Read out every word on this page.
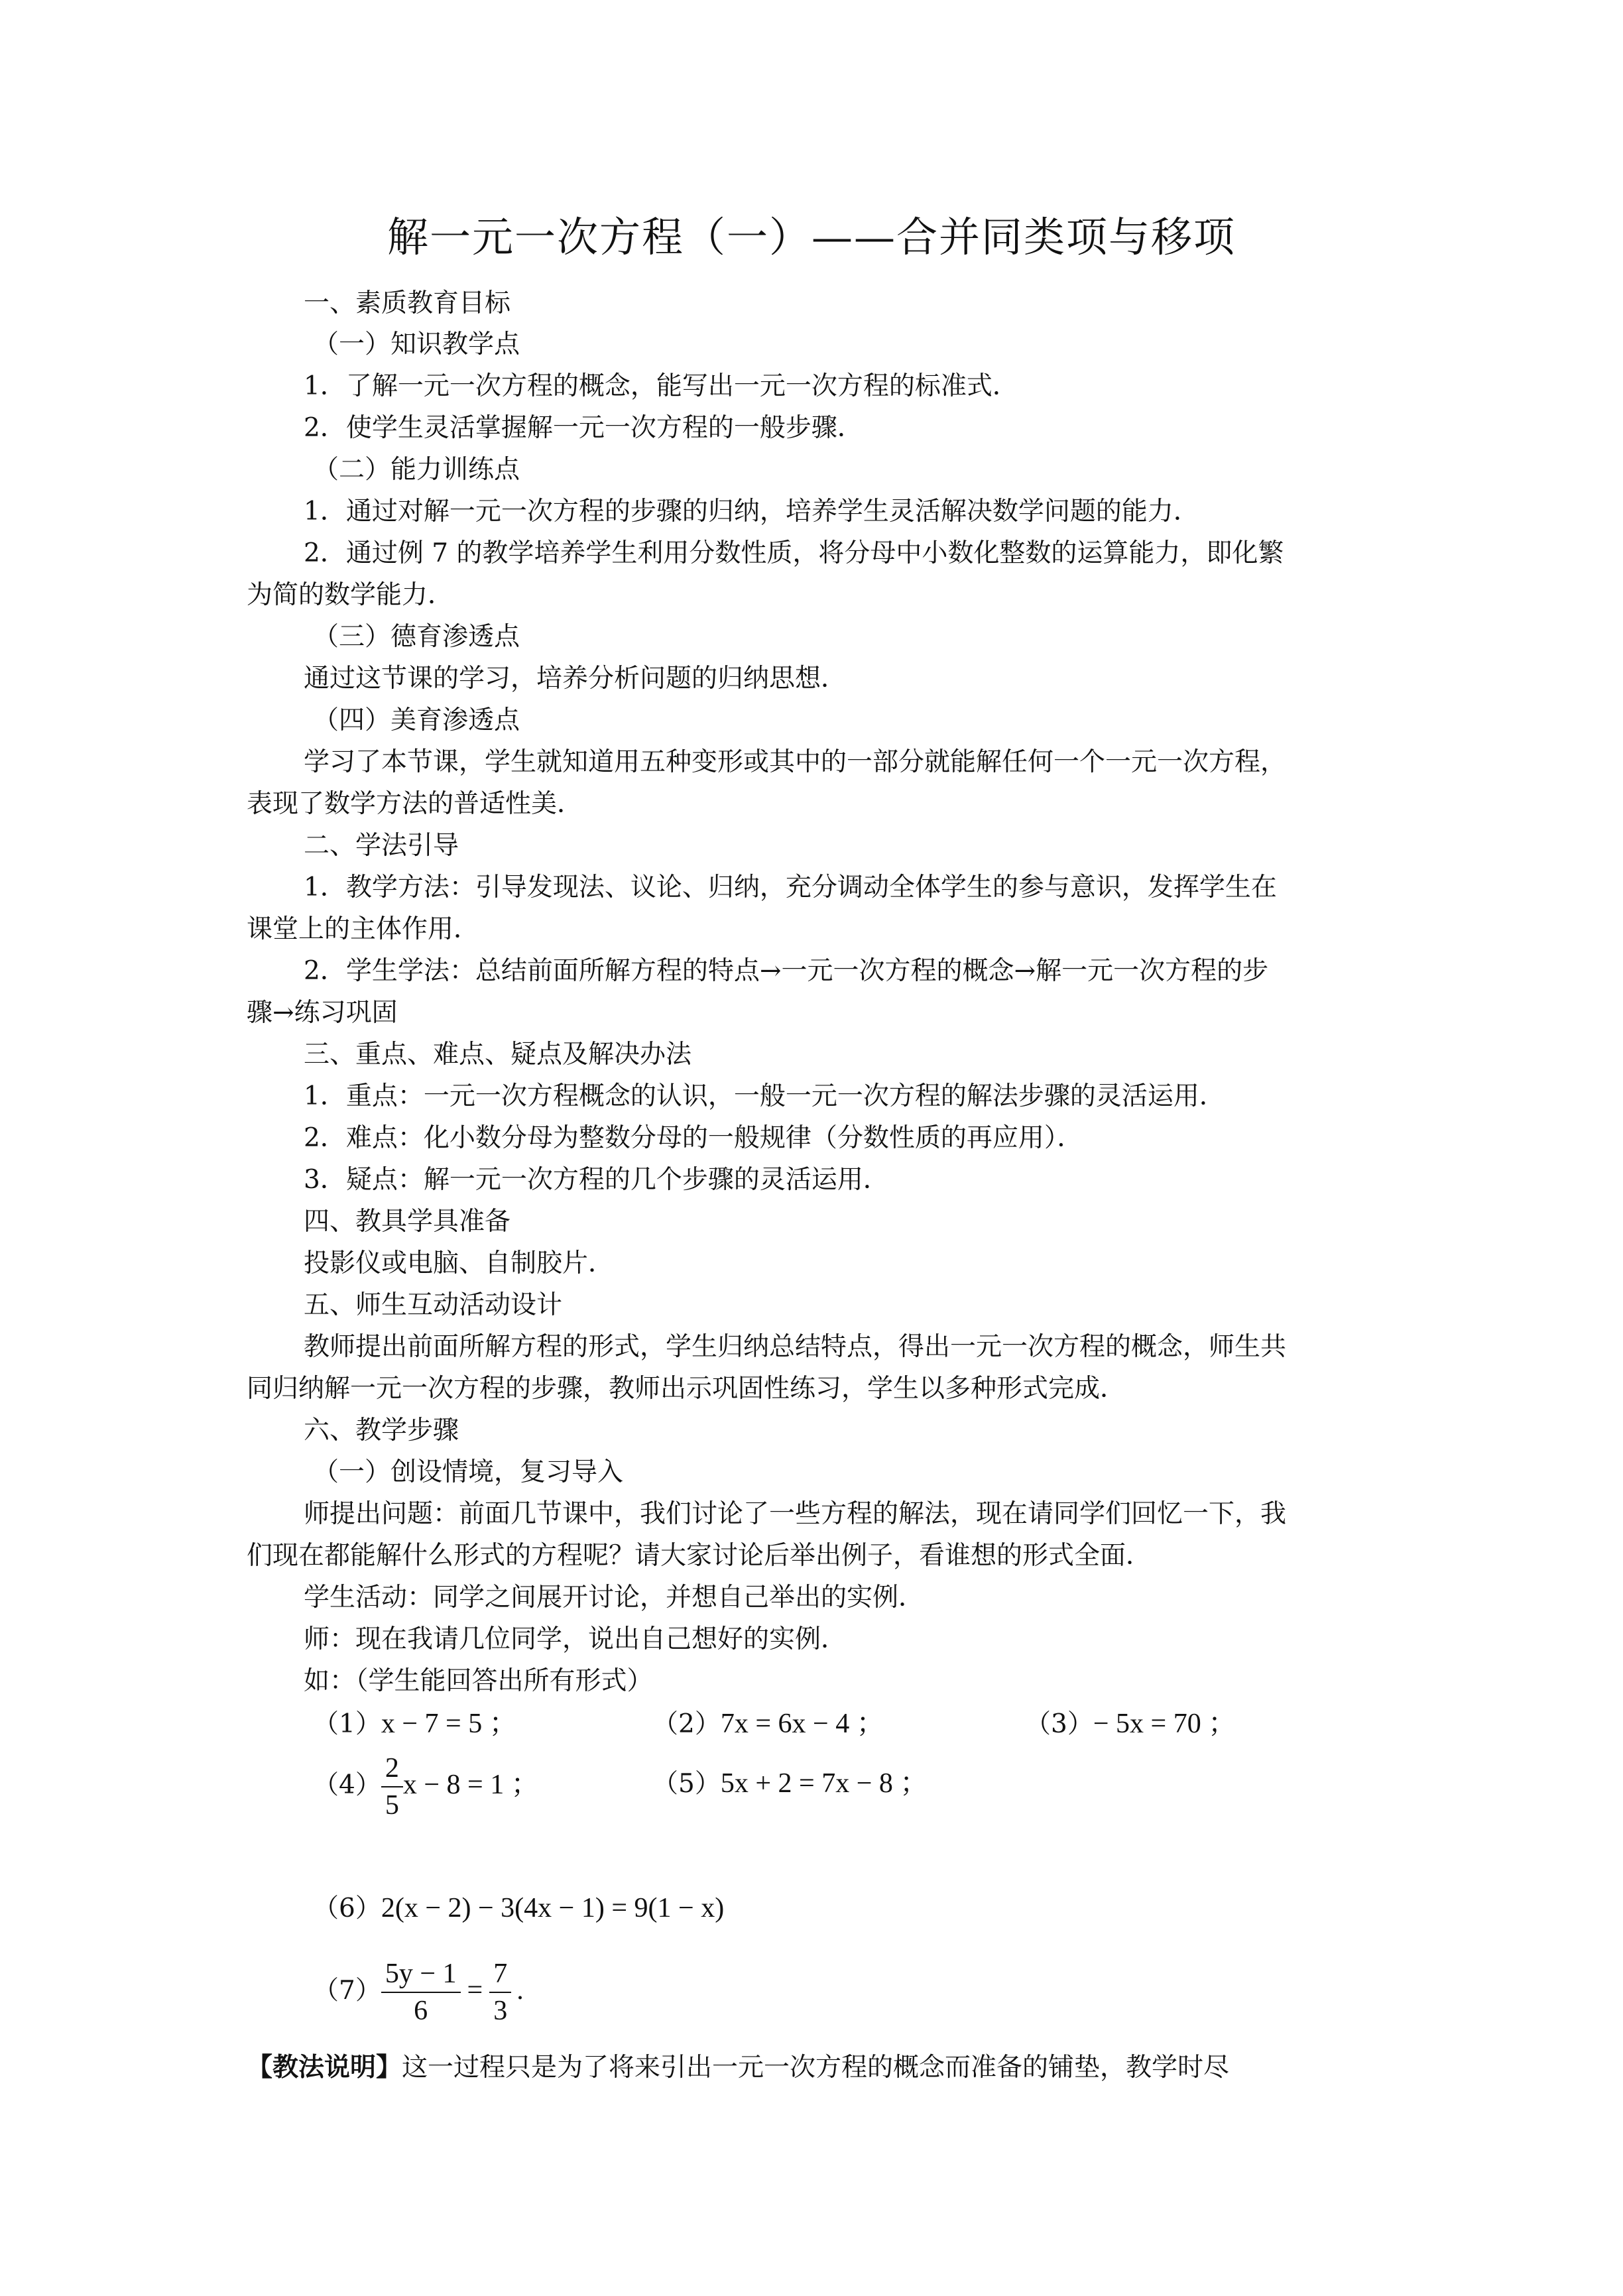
解一元一次方程（一）——合并同类项与移项
一、素质教育目标
（一）知识教学点
1．了解一元一次方程的概念，能写出一元一次方程的标准式．
2．使学生灵活掌握解一元一次方程的一般步骤．
（二）能力训练点
1．通过对解一元一次方程的步骤的归纳，培养学生灵活解决数学问题的能力．
2．通过例 7 的教学培养学生利用分数性质，将分母中小数化整数的运算能力，即化繁
为简的数学能力．
（三）德育渗透点
通过这节课的学习，培养分析问题的归纳思想．
（四）美育渗透点
学习了本节课，学生就知道用五种变形或其中的一部分就能解任何一个一元一次方程，
表现了数学方法的普适性美．
二、学法引导
1．教学方法：引导发现法、议论、归纳，充分调动全体学生的参与意识，发挥学生在
课堂上的主体作用．
2．学生学法：总结前面所解方程的特点→一元一次方程的概念→解一元一次方程的步
骤→练习巩固
三、重点、难点、疑点及解决办法
1．重点：一元一次方程概念的认识，一般一元一次方程的解法步骤的灵活运用．
2．难点：化小数分母为整数分母的一般规律（分数性质的再应用）．
3．疑点：解一元一次方程的几个步骤的灵活运用．
四、教具学具准备
投影仪或电脑、自制胶片．
五、师生互动活动设计
教师提出前面所解方程的形式，学生归纳总结特点，得出一元一次方程的概念，师生共
同归纳解一元一次方程的步骤，教师出示巩固性练习，学生以多种形式完成．
六、教学步骤
（一）创设情境，复习导入
师提出问题：前面几节课中，我们讨论了一些方程的解法，现在请同学们回忆一下，我
们现在都能解什么形式的方程呢？请大家讨论后举出例子，看谁想的形式全面．
学生活动：同学之间展开讨论，并想自己举出的实例．
师：现在我请几位同学，说出自己想好的实例．
如：（学生能回答出所有形式）
（1）x − 7 = 5 ；	（2）7x = 6x − 4 ；	（3）− 5x = 70 ；
$(4) \frac{2}{5}$ x − 8 = 1 ；	（5）5x + 2 = 7x − 8 ；
（6）2(x − 2) − 3(4x − 1) = 9(1 − x)
$(7) \frac{5y - 1}{6} = \frac{7}{3}$ .
【教法说明】这一过程只是为了将来引出一元一次方程的概念而准备的铺垫，教学时尽
